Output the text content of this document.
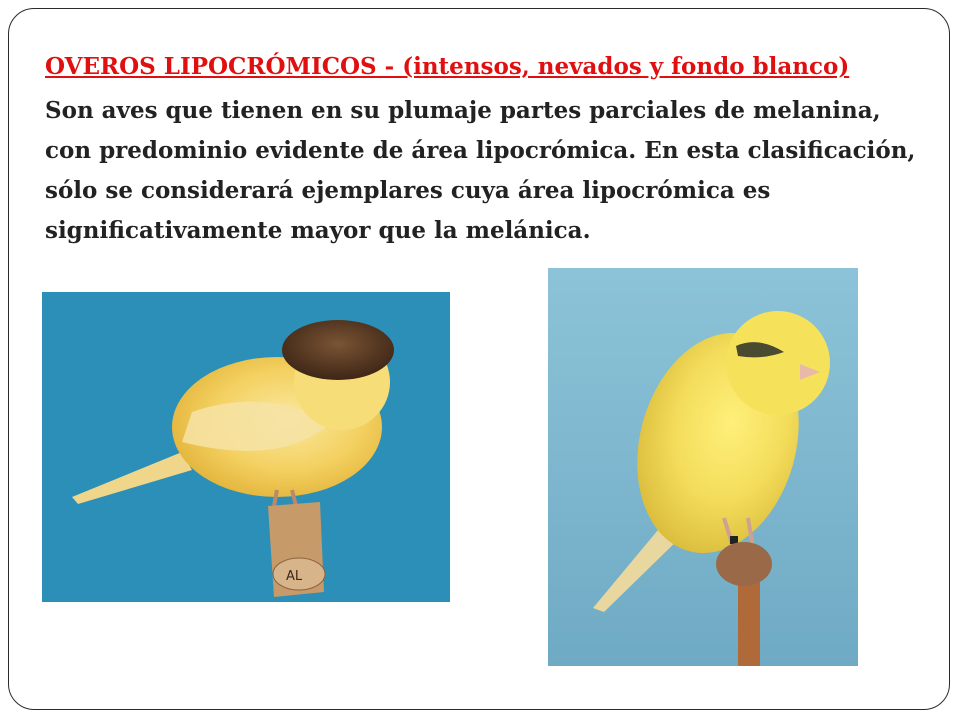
OVEROS LIPOCRÓMICOS - (intensos, nevados y fondo blanco)
Son aves que tienen en su plumaje partes parciales de melanina, con predominio evidente de área lipocrómica. En esta clasificación, sólo se considerará ejemplares cuya área lipocrómica es significativamente mayor que la melánica.
AL
